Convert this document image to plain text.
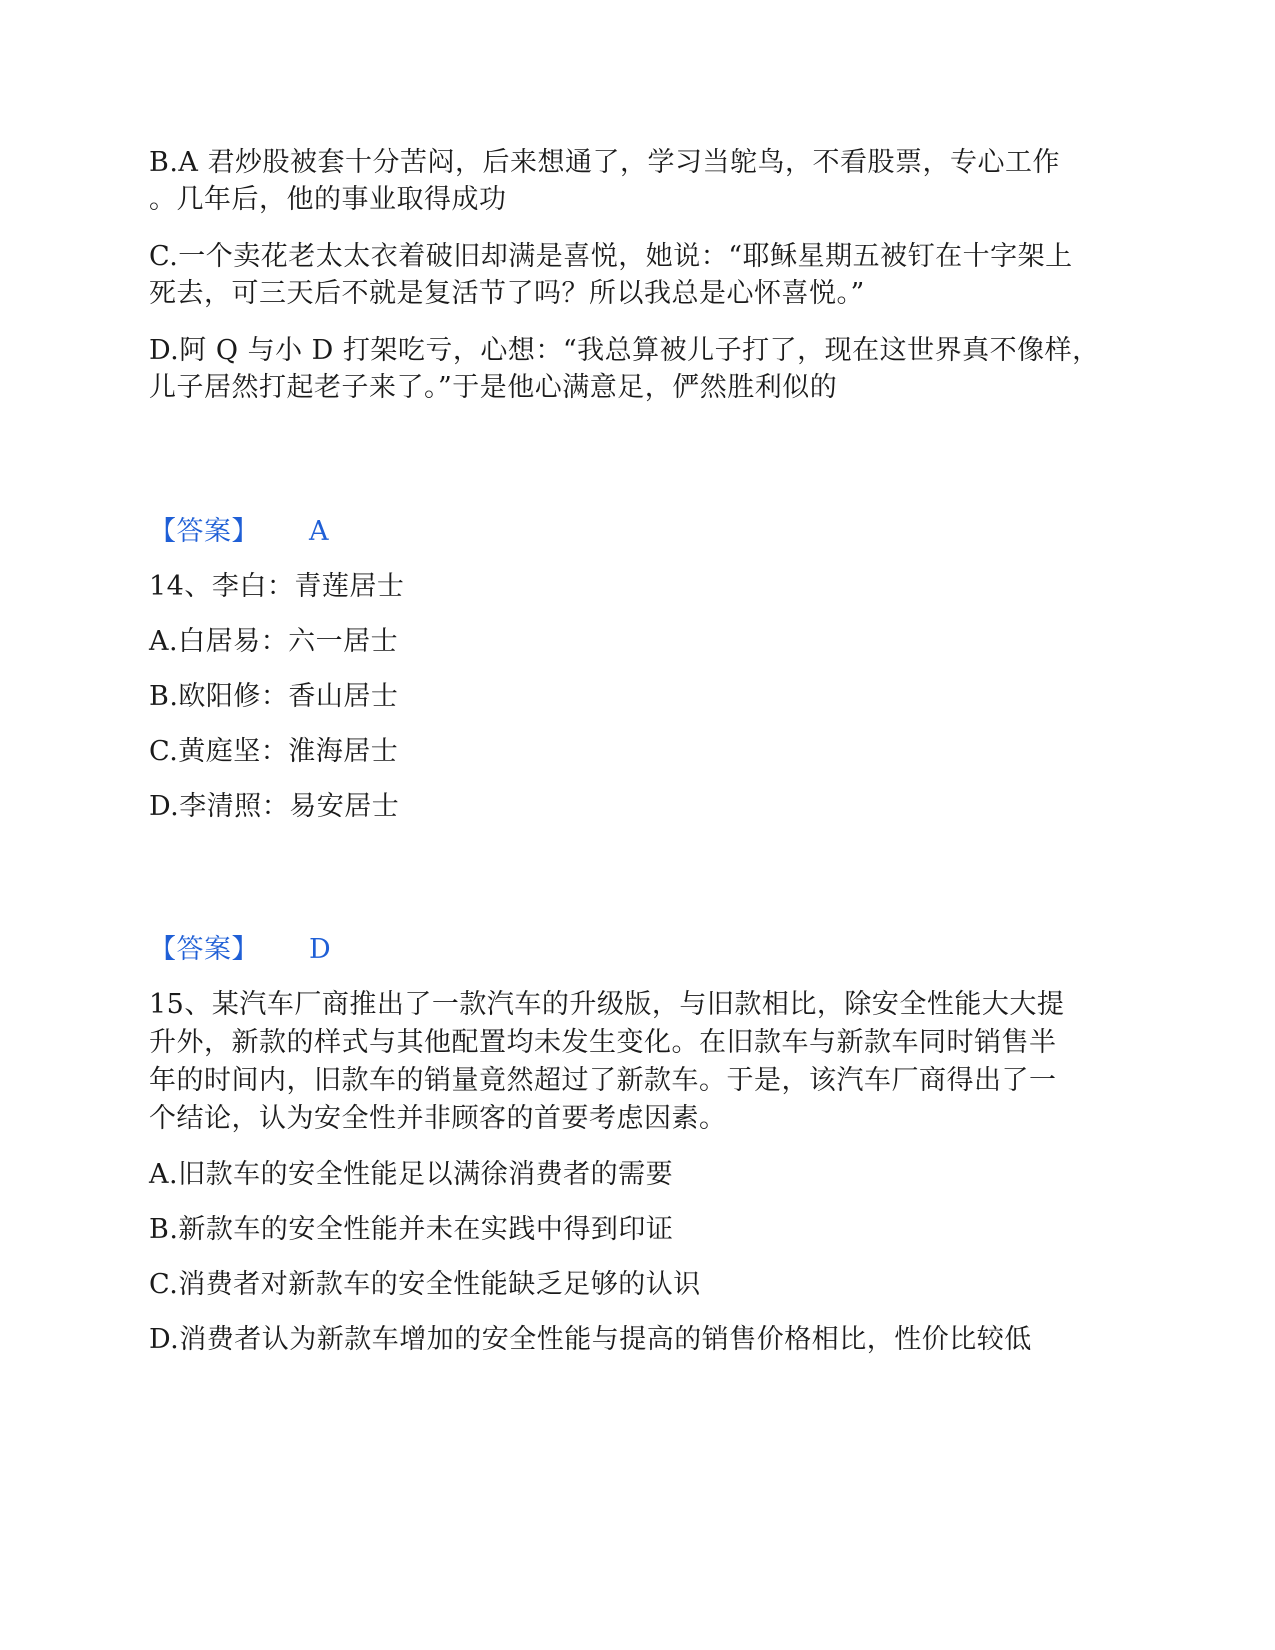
B.A 君炒股被套十分苦闷，后来想通了，学习当鸵鸟，不看股票，专心工作
。几年后，他的事业取得成功
C.一个卖花老太太衣着破旧却满是喜悦，她说：“耶稣星期五被钉在十字架上
死去，可三天后不就是复活节了吗？所以我总是心怀喜悦。”
D.阿 Q 与小 D 打架吃亏，心想：“我总算被儿子打了，现在这世界真不像样，
儿子居然打起老子来了。”于是他心满意足，俨然胜利似的
【答案】 A
14、李白：青莲居士
A.白居易：六一居士
B.欧阳修：香山居士
C.黄庭坚：淮海居士
D.李清照：易安居士
【答案】 D
15、某汽车厂商推出了一款汽车的升级版，与旧款相比，除安全性能大大提
升外，新款的样式与其他配置均未发生变化。在旧款车与新款车同时销售半
年的时间内，旧款车的销量竟然超过了新款车。于是，该汽车厂商得出了一
个结论，认为安全性并非顾客的首要考虑因素。
A.旧款车的安全性能足以满徐消费者的需要
B.新款车的安全性能并未在实践中得到印证
C.消费者对新款车的安全性能缺乏足够的认识
D.消费者认为新款车增加的安全性能与提高的销售价格相比，性价比较低
